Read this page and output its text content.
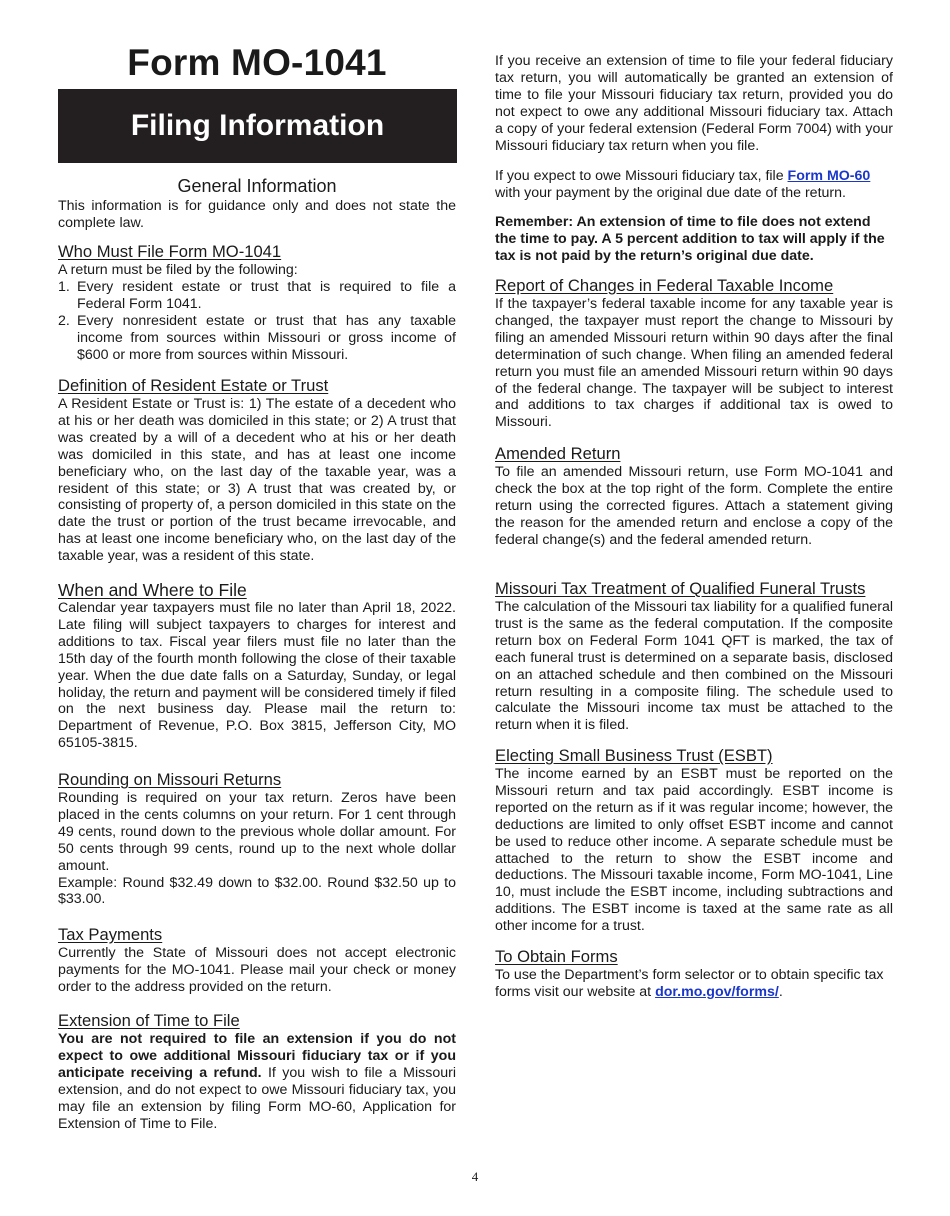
Form MO-1041
Filing Information
General Information

This information is for guidance only and does not state the complete law.

Who Must File Form MO-1041

A return must be filed by the following:

1. Every resident estate or trust that is required to file a Federal Form 1041.
2. Every nonresident estate or trust that has any taxable income from sources within Missouri or gross income of $600 or more from sources within Missouri.
Definition of Resident Estate or Trust

A Resident Estate or Trust is: 1) The estate of a decedent who at his or her death was domiciled in this state; or 2) A trust that was created by a will of a decedent who at his or her death was domiciled in this state, and has at least one income beneficiary who, on the last day of the taxable year, was a resident of this state; or 3) A trust that was created by, or consisting of property of, a person domiciled in this state on the date the trust or portion of the trust became irrevocable, and has at least one income beneficiary who, on the last day of the taxable year, was a resident of this state.

When and Where to File

Calendar year taxpayers must file no later than April 18, 2022. Late filing will subject taxpayers to charges for interest and additions to tax. Fiscal year filers must file no later than the 15th day of the fourth month following the close of their taxable year. When the due date falls on a Saturday, Sunday, or legal holiday, the return and payment will be considered timely if filed on the next business day. Please mail the return to: Department of Revenue, P.O. Box 3815, Jefferson City, MO 65105-3815.

Rounding on Missouri Returns

Rounding is required on your tax return. Zeros have been placed in the cents columns on your return. For 1 cent through 49 cents, round down to the previous whole dollar amount. For 50 cents through 99 cents, round up to the next whole dollar amount.

Example: Round $32.49 down to $32.00. Round $32.50 up to $33.00.

Tax Payments

Currently the State of Missouri does not accept electronic payments for the MO-1041. Please mail your check or money order to the address provided on the return.

Extension of Time to File

You are not required to file an extension if you do not expect to owe additional Missouri fiduciary tax or if you anticipate receiving a refund. If you wish to file a Missouri extension, and do not expect to owe Missouri fiduciary tax, you may file an extension by filing Form MO-60, Application for Extension of Time to File.

If you receive an extension of time to file your federal fiduciary tax return, you will automatically be granted an extension of time to file your Missouri fiduciary tax return, provided you do not expect to owe any additional Missouri fiduciary tax. Attach a copy of your federal extension (Federal Form 7004) with your Missouri fiduciary tax return when you file.

If you expect to owe Missouri fiduciary tax, file Form MO-60 with your payment by the original due date of the return.

Remember: An extension of time to file does not extend the time to pay. A 5 percent addition to tax will apply if the tax is not paid by the return’s original due date.

Report of Changes in Federal Taxable Income

If the taxpayer’s federal taxable income for any taxable year is changed, the taxpayer must report the change to Missouri by filing an amended Missouri return within 90 days after the final determination of such change. When filing an amended federal return you must file an amended Missouri return within 90 days of the federal change. The taxpayer will be subject to interest and additions to tax charges if additional tax is owed to Missouri.

Amended Return

To file an amended Missouri return, use Form MO-1041 and check the box at the top right of the form. Complete the entire return using the corrected figures. Attach a statement giving the reason for the amended return and enclose a copy of the federal change(s) and the federal amended return.

Missouri Tax Treatment of Qualified Funeral Trusts

The calculation of the Missouri tax liability for a qualified funeral trust is the same as the federal computation. If the composite return box on Federal Form 1041 QFT is marked, the tax of each funeral trust is determined on a separate basis, disclosed on an attached schedule and then combined on the Missouri return resulting in a composite filing. The schedule used to calculate the Missouri income tax must be attached to the return when it is filed.

Electing Small Business Trust (ESBT)

The income earned by an ESBT must be reported on the Missouri return and tax paid accordingly. ESBT income is reported on the return as if it was regular income; however, the deductions are limited to only offset ESBT income and cannot be used to reduce other income. A separate schedule must be attached to the return to show the ESBT income and deductions. The Missouri taxable income, Form MO-1041, Line 10, must include the ESBT income, including subtractions and additions. The ESBT income is taxed at the same rate as all other income for a trust.

To Obtain Forms

To use the Department’s form selector or to obtain specific tax forms visit our website at dor.mo.gov/forms/.

4
